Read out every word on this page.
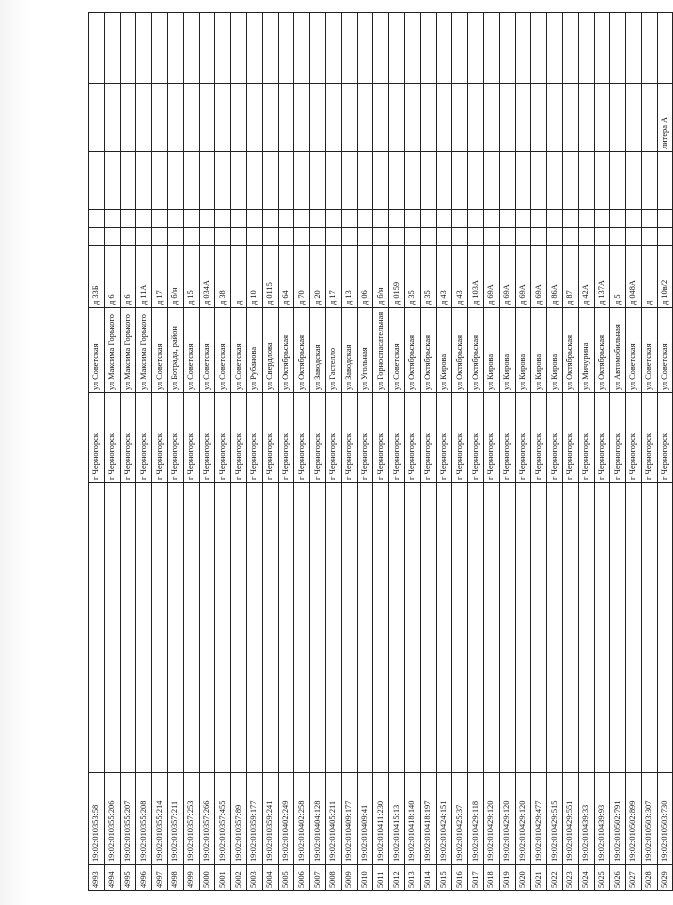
4993	19:02:010353:58		г Черногорск	ул Советская	д 33Б					
4994	19:02:010355:206		г Черногорск	ул Максима Горького	д 6					
4995	19:02:010355:207		г Черногорск	ул Максима Горького	д 6					
4996	19:02:010355:208		г Черногорск	ул Максима Горького	д 11А					
4997	19:02:010355:214		г Черногорск	ул Советская	д 17					
4998	19:02:010357:211		г Черногорск	ул Ботрада, район	д б/н					
4999	19:02:010357:253		г Черногорск	ул Советская	д 15					
5000	19:02:010357:266		г Черногорск	ул Советская	д 034А					
5001	19:02:010357:455		г Черногорск	ул Советская	д 38					
5002	19:02:010357:89		г Черногорск	ул Советская	д					
5003	19:02:010359:177		г Черногорск	ул Рубанова	д 10					
5004	19:02:010359:241		г Черногорск	ул Свердлова	д 0115					
5005	19:02:010402:249		г Черногорск	ул Октябрьская	д 64					
5006	19:02:010402:258		г Черногорск	ул Октябрьская	д 70					
5007	19:02:010404:128		г Черногорск	ул Заводская	д 20					
5008	19:02:010405:211		г Черногорск	ул Гастелло	д 17					
5009	19:02:010409:177		г Черногорск	ул Заводская	д 13					
5010	19:02:010409:41		г Черногорск	ул Угольная	д 06					
5011	19:02:010411:230		г Черногорск	ул Горноспасательная	д б/н					
5012	19:02:010415:13		г Черногорск	ул Советская	д 0159					
5013	19:02:010418:140		г Черногорск	ул Октябрьская	д 35					
5014	19:02:010418:197		г Черногорск	ул Октябрьская	д 35					
5015	19:02:010424:151		г Черногорск	ул Кирова	д 43					
5016	19:02:010425:37		г Черногорск	ул Октябрьская	д 43					
5017	19:02:010429:118		г Черногорск	ул Октябрьская	д 103А					
5018	19:02:010429:120		г Черногорск	ул Кирова	д 69А					
5019	19:02:010429:120		г Черногорск	ул Кирова	д 69А					
5020	19:02:010429:120		г Черногорск	ул Кирова	д 69А					
5021	19:02:010429:477		г Черногорск	ул Кирова	д 69А					
5022	19:02:010429:515		г Черногорск	ул Кирова	д 86А					
5023	19:02:010429:551		г Черногорск	ул Октябрьская	д 87					
5024	19:02:010439:33		г Черногорск	ул Мичурина	д 42А					
5025	19:02:010439:93		г Черногорск	ул Октябрьская	д 137А					
5026	19:02:010502:791		г Черногорск	ул Автомобильная	д 5					
5027	19:02:010502:899		г Черногорск	ул Советская	д 048А					
5028	19:02:010503:307		г Черногорск	ул Советская	д					
5029	19:02:010503:730		г Черногорск	ул Советская	д 10в/2				литера А	
